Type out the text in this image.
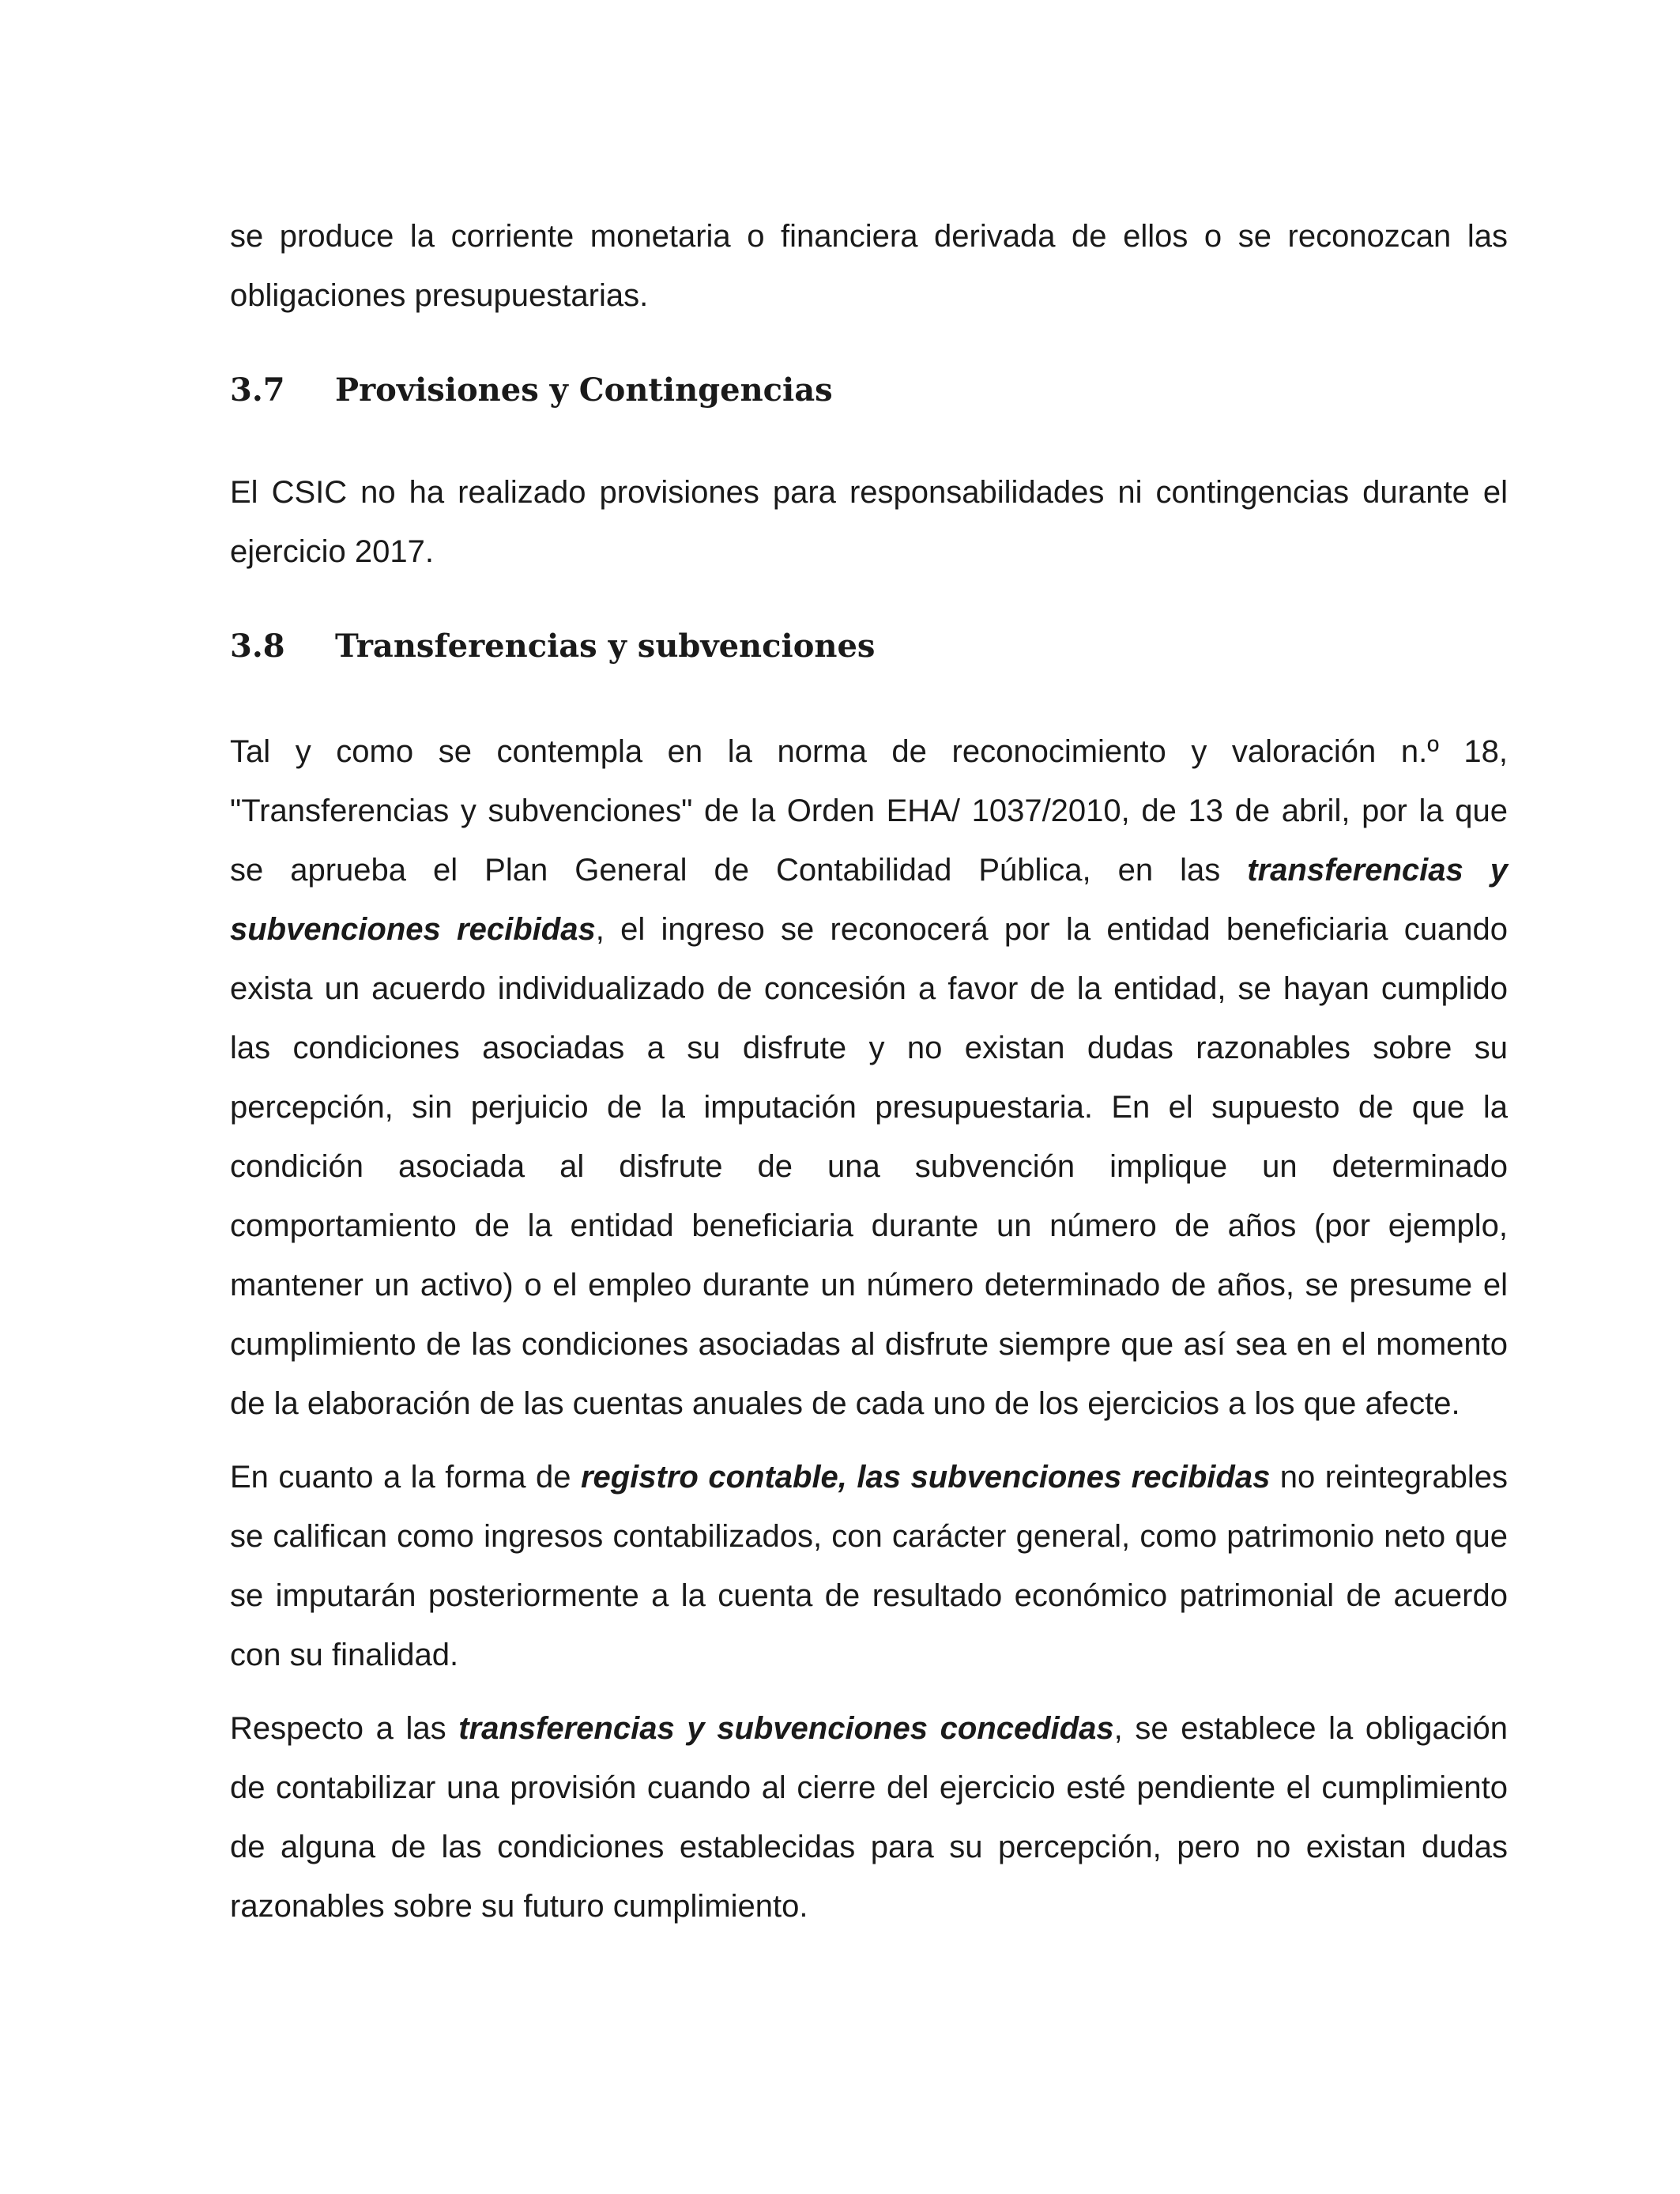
se produce la corriente monetaria o financiera derivada de ellos o se reconozcan las obligaciones presupuestarias.

3.7	Provisiones y Contingencias

El CSIC no ha realizado provisiones para responsabilidades ni contingencias durante el ejercicio 2017.

3.8	Transferencias y subvenciones

Tal y como se contempla en la norma de reconocimiento y valoración n.º 18, "Transferencias y subvenciones" de la Orden EHA/ 1037/2010, de 13 de abril, por la que se aprueba el Plan General de Contabilidad Pública, en las transferencias y subvenciones recibidas, el ingreso se reconocerá por la entidad beneficiaria cuando exista un acuerdo individualizado de concesión a favor de la entidad, se hayan cumplido las condiciones asociadas a su disfrute y no existan dudas razonables sobre su percepción, sin perjuicio de la imputación presupuestaria. En el supuesto de que la condición asociada al disfrute de una subvención implique un determinado comportamiento de la entidad beneficiaria durante un número de años (por ejemplo, mantener un activo) o el empleo durante un número determinado de años, se presume el cumplimiento de las condiciones asociadas al disfrute siempre que así sea en el momento de la elaboración de las cuentas anuales de cada uno de los ejercicios a los que afecte.

En cuanto a la forma de registro contable, las subvenciones recibidas no reintegrables se califican como ingresos contabilizados, con carácter general, como patrimonio neto que se imputarán posteriormente a la cuenta de resultado económico patrimonial de acuerdo con su finalidad.

Respecto a las transferencias y subvenciones concedidas, se establece la obligación de contabilizar una provisión cuando al cierre del ejercicio esté pendiente el cumplimiento de alguna de las condiciones establecidas para su percepción, pero no existan dudas razonables sobre su futuro cumplimiento.
